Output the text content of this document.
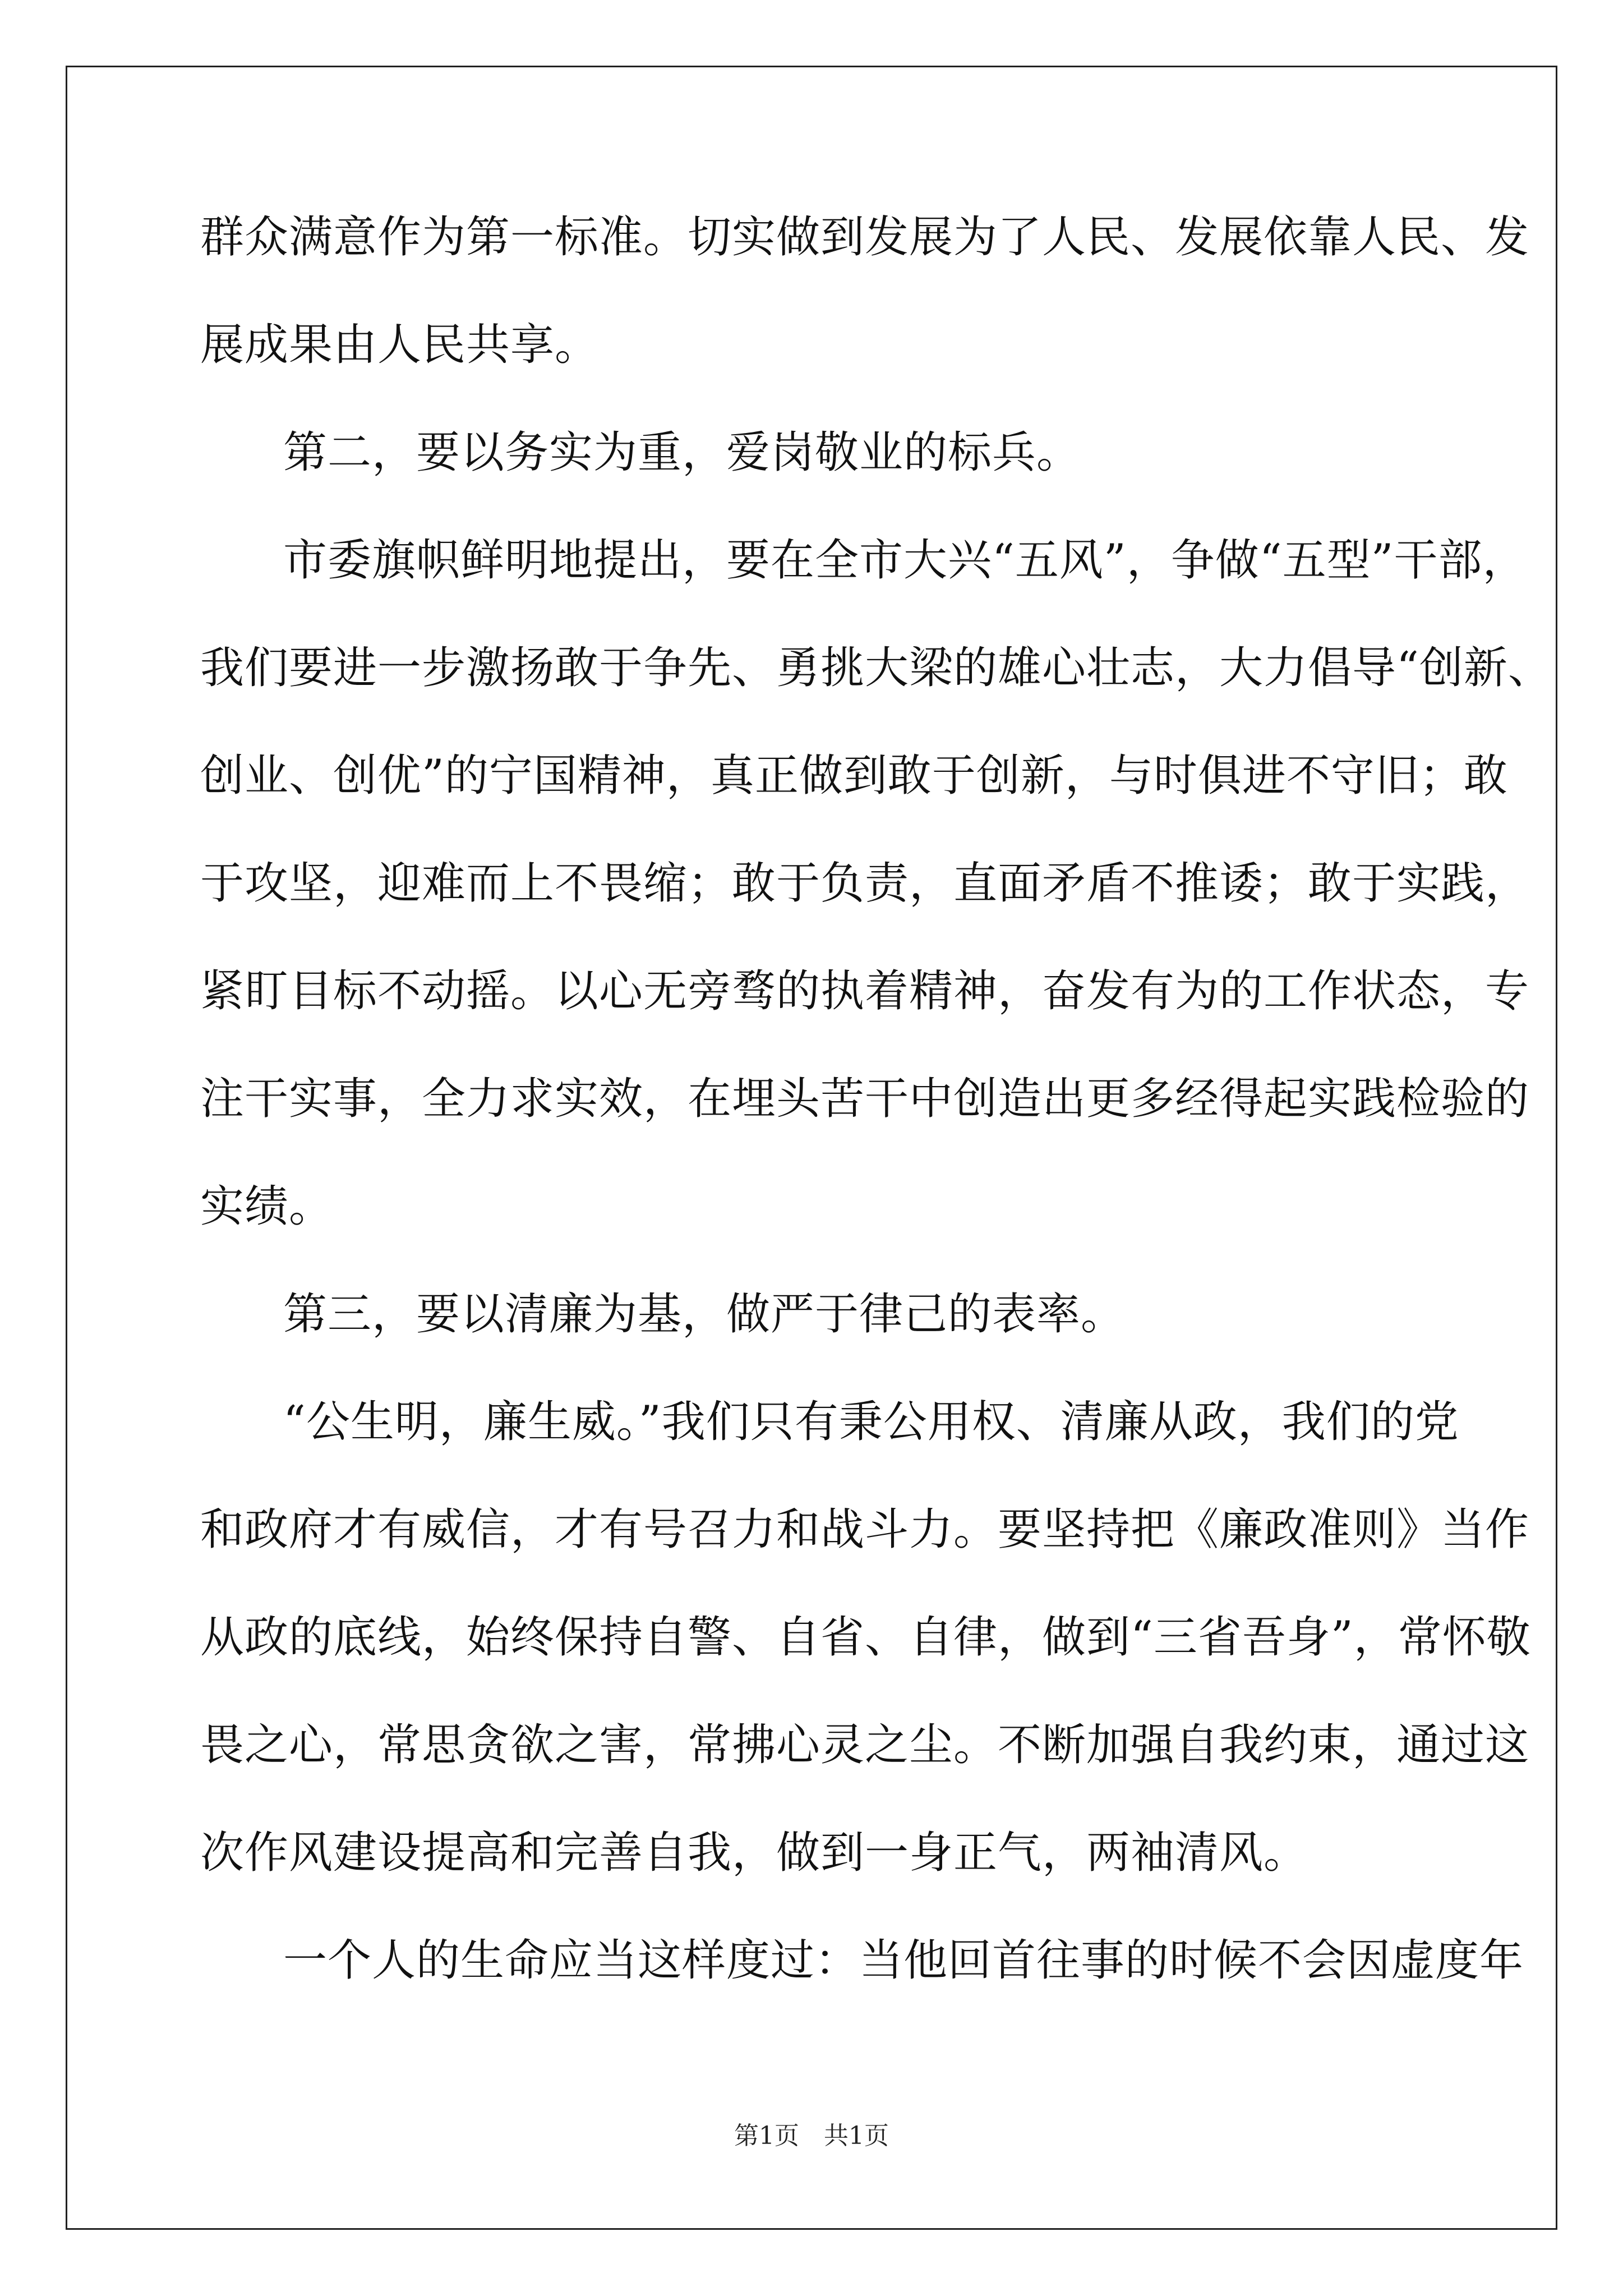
群众满意作为第一标准。切实做到发展为了人民、发展依靠人民、发
展成果由人民共享。
第二，要以务实为重，爱岗敬业的标兵。
市委旗帜鲜明地提出，要在全市大兴“五风”，争做“五型”干部，
我们要进一步激扬敢于争先、勇挑大梁的雄心壮志，大力倡导“创新、
创业、创优”的宁国精神，真正做到敢于创新，与时俱进不守旧；敢
于攻坚，迎难而上不畏缩；敢于负责，直面矛盾不推诿；敢于实践，
紧盯目标不动摇。以心无旁骛的执着精神，奋发有为的工作状态，专
注干实事，全力求实效，在埋头苦干中创造出更多经得起实践检验的
实绩。
第三，要以清廉为基，做严于律己的表率。
“公生明，廉生威。”我们只有秉公用权、清廉从政，我们的党
和政府才有威信，才有号召力和战斗力。要坚持把《廉政准则》当作
从政的底线，始终保持自警、自省、自律，做到“三省吾身”，常怀敬
畏之心，常思贪欲之害，常拂心灵之尘。不断加强自我约束，通过这
次作风建设提高和完善自我，做到一身正气，两袖清风。
一个人的生命应当这样度过：当他回首往事的时候不会因虚度年
第1页　共1页
